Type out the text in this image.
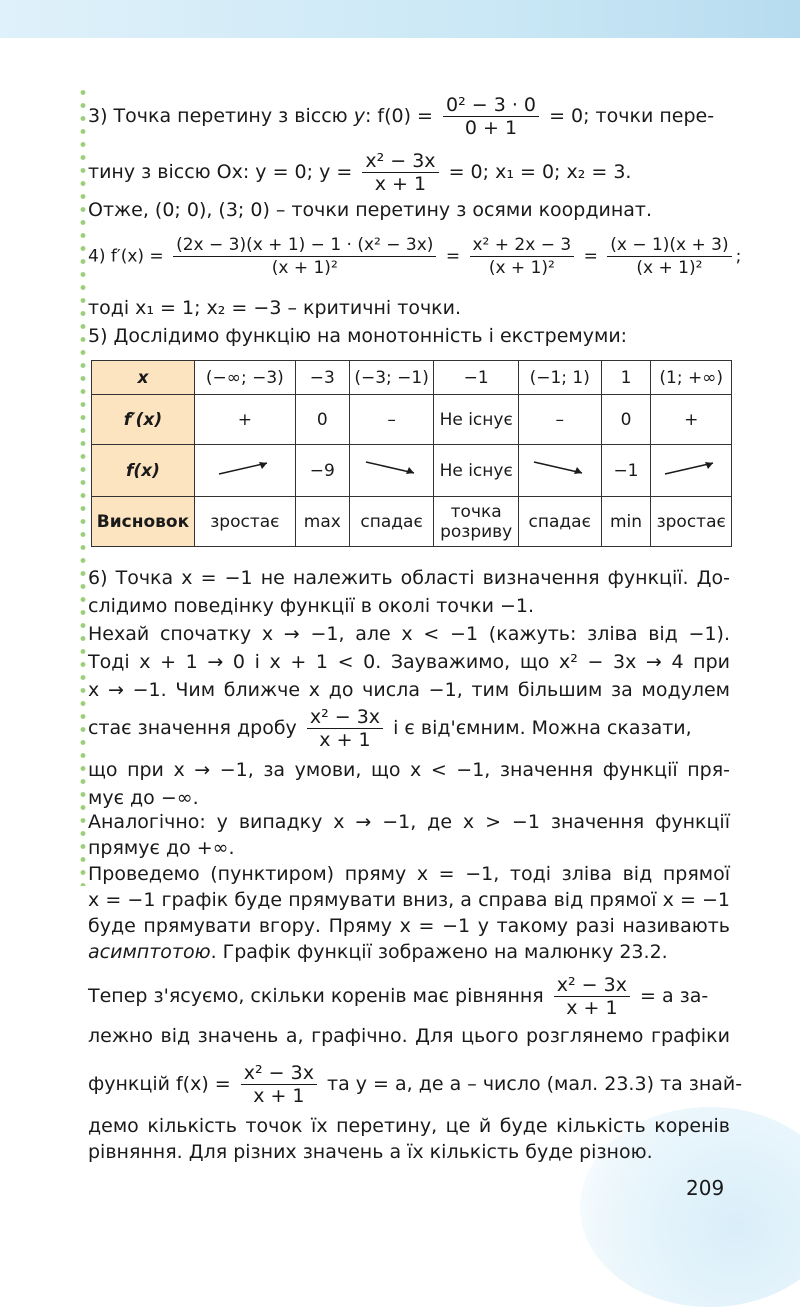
3) Точка перетину з віссю y: $f(0) = \frac{\text{0² − 3 · 0}}{0 + 1} = 0$; точки пере-
тину з віссю Ox: y = 0; $y = \frac{\text{x² − 3x}}{x + 1} = 0$; x₁ = 0; x₂ = 3.
Отже, (0; 0), (3; 0) – точки перетину з осями координат.
4) $f'(x) = \frac{\text{(2x − 3)(x + 1) − 1 · (x² − 3x)}}{\text{(x + 1)²}} = \frac{\text{x² + 2x − 3}}{\text{(x + 1)²}} = \frac{(x - 1)(x + 3)}{\text{(x + 1)²}}$ ;
тоді x₁ = 1; x₂ = −3 – критичні точки.
5) Дослідимо функцію на монотонність і екстремуми:
x	(−∞; −3)	−3	(−3; −1)	−1	(−1; 1)	1	(1; +∞)
f′(x)	+	0	–	Не існує	–	0	+
f(x)		−9		Не існує		−1	
Висновок	зростає	max	спадає	точка розриву	спадає	min	зростає
6) Точка x = −1 не належить області визначення функції. До-
слідимо поведінку функції в околі точки −1.
Нехай спочатку x → −1, але x < −1 (кажуть: зліва від −1).
Тоді x + 1 → 0 і x + 1 < 0. Зауважимо, що x² − 3x → 4 при
x → −1. Чим ближче x до числа −1, тим більшим за модулем
стає значення дробу $\frac{\text{x² − 3x}}{x + 1}$ і є від'ємним. Можна сказати,
що при x → −1, за умови, що x < −1, значення функції пря-
мує до −∞.
Аналогічно: у випадку x → −1, де x > −1 значення функції
прямує до +∞.
Проведемо (пунктиром) пряму x = −1, тоді зліва від прямої
x = −1 графік буде прямувати вниз, а справа від прямої x = −1
буде прямувати вгору. Пряму x = −1 у такому разі називають
асимптотою. Графік функції зображено на малюнку 23.2.
Тепер з'ясуємо, скільки коренів має рівняння $\frac{\text{x² − 3x}}{x + 1} = a$ за-
лежно від значень a, графічно. Для цього розглянемо графіки
функцій $f(x) = \frac{\text{x² − 3x}}{x + 1}$ та y = a, де a – число (мал. 23.3) та знай-
демо кількість точок їх перетину, це й буде кількість коренів
рівняння. Для різних значень a їх кількість буде різною.
209
